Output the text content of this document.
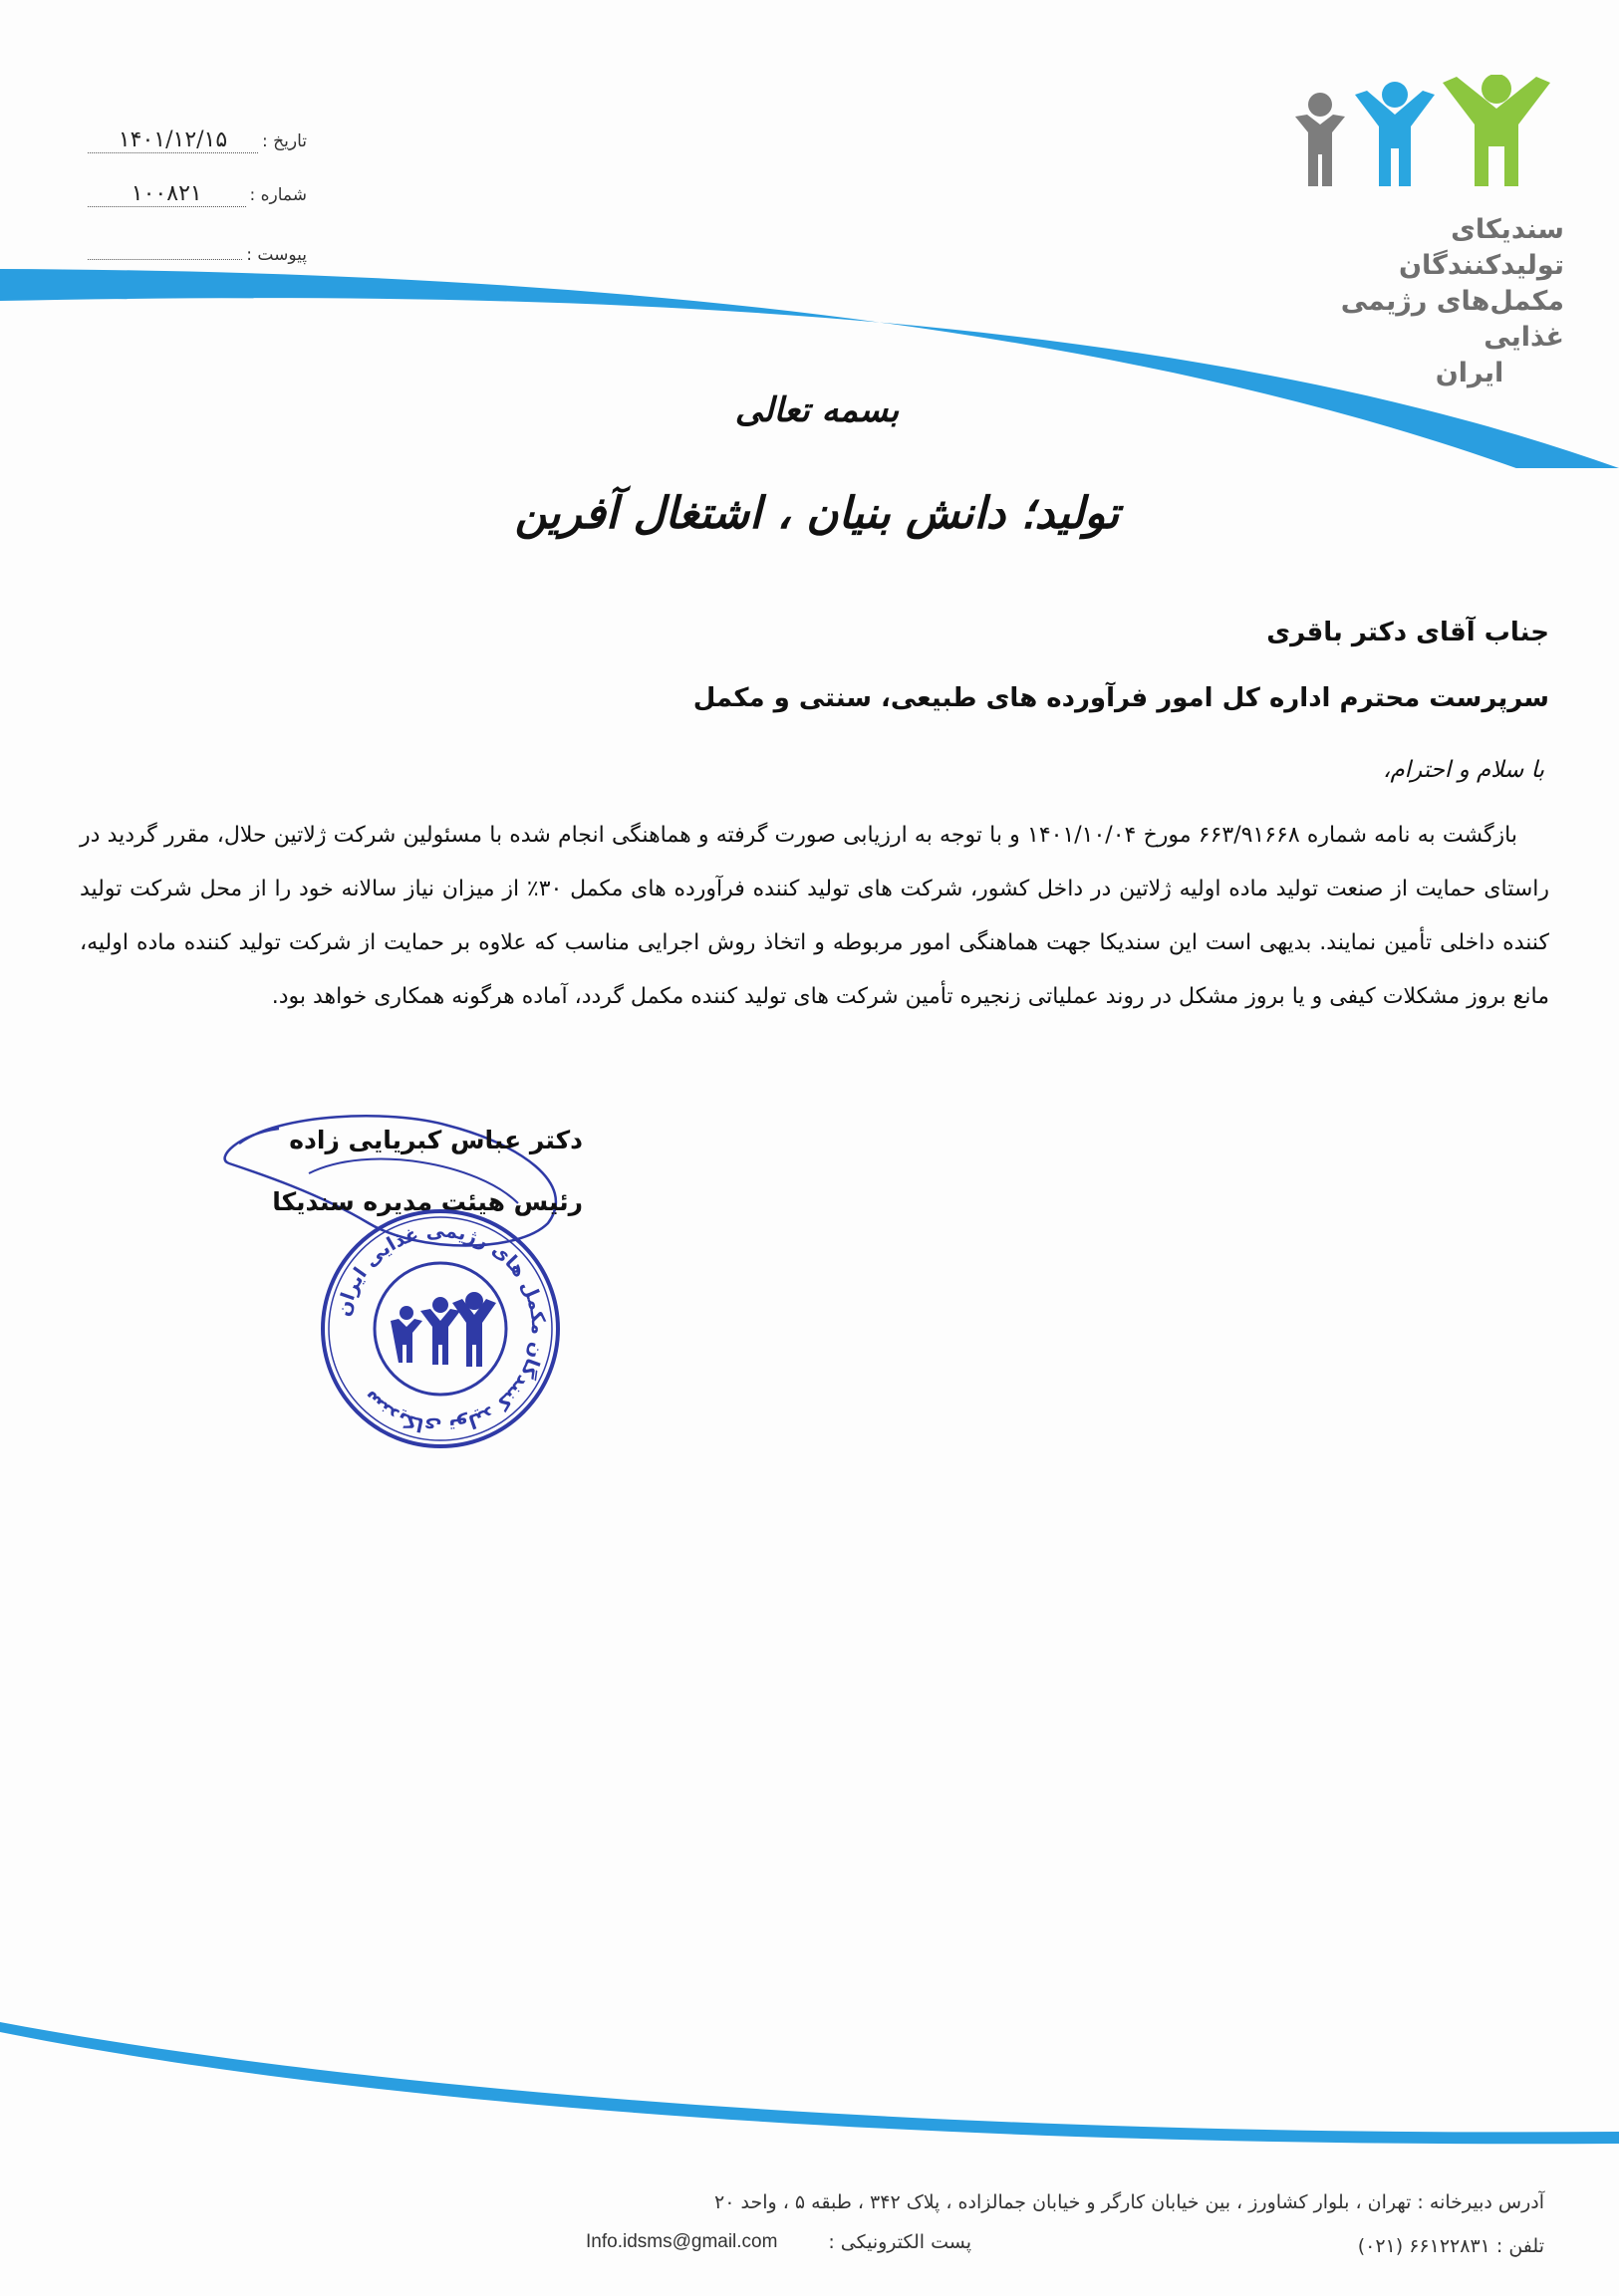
تاریخ :
۱۴۰۱/۱۲/۱۵
شماره :
۱۰۰۸۲۱
پیوست :
سندیکای تولیدکنندگان
مکمل‌های رژیمی غذایی
ایران
بسمه تعالی
تولید؛ دانش بنیان ، اشتغال آفرین
جناب آقای دکتر باقری
سرپرست محترم اداره کل امور فرآورده های طبیعی، سنتی و مکمل
با سلام و احترام،
بازگشت به نامه شماره ۶۶۳/۹۱۶۶۸ مورخ ۱۴۰۱/۱۰/۰۴ و با توجه به ارزیابی صورت گرفته و هماهنگی انجام شده با مسئولین شرکت ژلاتین حلال، مقرر گردید در راستای حمایت از صنعت تولید ماده اولیه ژلاتین در داخل کشور، شرکت های تولید کننده فرآورده های مکمل ۳۰٪ از میزان نیاز سالانه خود را از محل شرکت تولید کننده داخلی تأمین نمایند. بدیهی است این سندیکا جهت هماهنگی امور مربوطه و اتخاذ روش اجرایی مناسب که علاوه بر حمایت از شرکت تولید کننده ماده اولیه، مانع بروز مشکلات کیفی و یا بروز مشکل در روند عملیاتی زنجیره تأمین شرکت های تولید کننده مکمل گردد، آماده هرگونه همکاری خواهد بود.
دکتر عباس کبریایی زاده
رئیس هیئت مدیره سندیکا
سندیکای تولید کنندگان مکمل های رژیمی غذایی ایران
آدرس دبیرخانه : تهران ، بلوار کشاورز ، بین خیابان کارگر و خیابان جمالزاده ، پلاک ۳۴۲ ، طبقه ۵ ، واحد ۲۰
تلفن : ۶۶۱۲۲۸۳۱ (۰۲۱)
پست الکترونیکی :
Info.idsms@gmail.com
